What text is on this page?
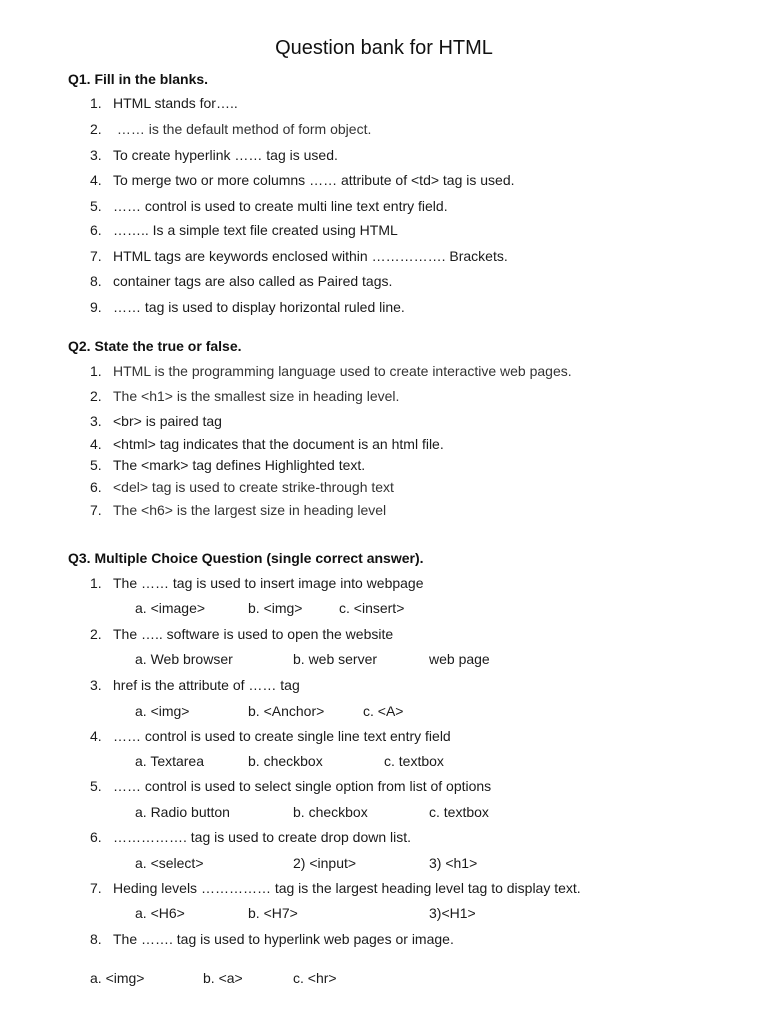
Question bank for HTML
Q1. Fill in the blanks.
1. HTML stands for…..
2. …… is the default method of form object.
3. To create hyperlink …… tag is used.
4. To merge two or more columns …… attribute of <td> tag is used.
5. …… control is used to create multi line text entry field.
6. …….. Is a simple text file created using HTML
7. HTML tags are keywords enclosed within ……………. Brackets.
8. container tags are also called as Paired tags.
9. …… tag is used to display horizontal ruled line.
Q2. State the true or false.
1. HTML is the programming language used to create interactive web pages.
2. The <h1> is the smallest size in heading level.
3. <br> is paired tag
4. <html> tag indicates that the document is an html file.
5. The <mark> tag defines Highlighted text.
6. <del> tag is used to create strike-through text
7. The <h6> is the largest size in heading level
Q3. Multiple Choice Question (single correct answer).
1. The …… tag is used to insert image into webpage
a. <image>	b. <img>	c. <insert>
2. The ….. software is used to open the website
a. Web browser	b. web server	web page
3. href is the attribute of …… tag
a. <img>	b. <Anchor>	c. <A>
4. …… control is used to create single line text entry field
a. Textarea	b. checkbox	c. textbox
5. …… control is used to select single option from list of options
a. Radio button	b. checkbox	c. textbox
6. ……………. tag is used to create drop down list.
a. <select>	2) <input>	3) <h1>
7. Heding levels …………… tag is the largest heading level tag to display text.
a. <H6>	b. <H7>	3)<H1>
8. The ……. tag is used to hyperlink web pages or image.
a. <img>	b. <a>	c. <hr>
